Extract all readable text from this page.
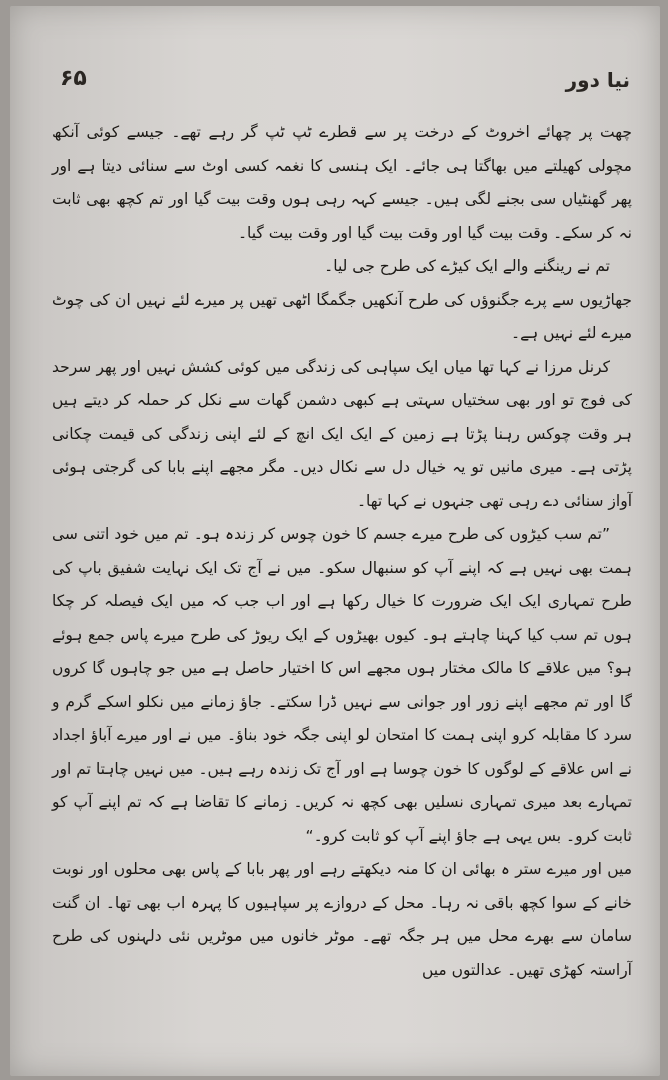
۶۵	نیا دور

چھت پر چھائے اخروٹ کے درخت پر سے قطرے ٹپ ٹپ گر رہے تھے۔ جیسے کوئی آنکھ مچولی کھیلتے میں بھاگتا ہی جائے۔ ایک ہنسی کا نغمہ کسی اوٹ سے سنائی دیتا ہے اور پھر گھنٹیاں سی بجنے لگی ہیں۔ جیسے کہہ رہی ہوں وقت بیت گیا اور تم کچھ بھی ثابت نہ کر سکے۔ وقت بیت گیا اور وقت بیت گیا اور وقت بیت گیا۔

تم نے رینگنے والے ایک کیڑے کی طرح جی لیا۔

جھاڑیوں سے پرے جگنوؤں کی طرح آنکھیں جگمگا اٹھی تھیں پر میرے لئے نہیں ان کی چوٹ میرے لئے نہیں ہے۔

کرنل مرزا نے کہا تھا میاں ایک سپاہی کی زندگی میں کوئی کشش نہیں اور پھر سرحد کی فوج تو اور بھی سختیاں سہتی ہے کبھی دشمن گھات سے نکل کر حملہ کر دیتے ہیں ہر وقت چوکس رہنا پڑتا ہے زمین کے ایک ایک انچ کے لئے اپنی زندگی کی قیمت چکانی پڑتی ہے۔ میری مانیں تو یہ خیال دل سے نکال دیں۔ مگر مجھے اپنے بابا کی گرجتی ہوئی آواز سنائی دے رہی تھی جنہوں نے کہا تھا۔

”تم سب کیڑوں کی طرح میرے جسم کا خون چوس کر زندہ ہو۔ تم میں خود اتنی سی ہمت بھی نہیں ہے کہ اپنے آپ کو سنبھال سکو۔ میں نے آج تک ایک نہایت شفیق باپ کی طرح تمہاری ایک ایک ضرورت کا خیال رکھا ہے اور اب جب کہ میں ایک فیصلہ کر چکا ہوں تم سب کیا کہنا چاہتے ہو۔ کیوں بھیڑوں کے ایک ریوڑ کی طرح میرے پاس جمع ہوئے ہو؟ میں علاقے کا مالک مختار ہوں مجھے اس کا اختیار حاصل ہے میں جو چاہوں گا کروں گا اور تم مجھے اپنے زور اور جوانی سے نہیں ڈرا سکتے۔ جاؤ زمانے میں نکلو اسکے گرم و سرد کا مقابلہ کرو اپنی ہمت کا امتحان لو اپنی جگہ خود بناؤ۔ میں نے اور میرے آباؤ اجداد نے اس علاقے کے لوگوں کا خون چوسا ہے اور آج تک زندہ رہے ہیں۔ میں نہیں چاہتا تم اور تمہارے بعد میری تمہاری نسلیں بھی کچھ نہ کریں۔ زمانے کا تقاضا ہے کہ تم اپنے آپ کو ثابت کرو۔ بس یہی ہے جاؤ اپنے آپ کو ثابت کرو۔“

میں اور میرے ستر ہ بھائی ان کا منہ دیکھتے رہے اور پھر بابا کے پاس بھی محلوں اور نوبت خانے کے سوا کچھ باقی نہ رہا۔ محل کے دروازے پر سپاہیوں کا پہرہ اب بھی تھا۔ ان گنت سامان سے بھرے محل میں ہر جگہ تھے۔ موٹر خانوں میں موٹریں نئی دلہنوں کی طرح آراستہ کھڑی تھیں۔ عدالتوں میں
